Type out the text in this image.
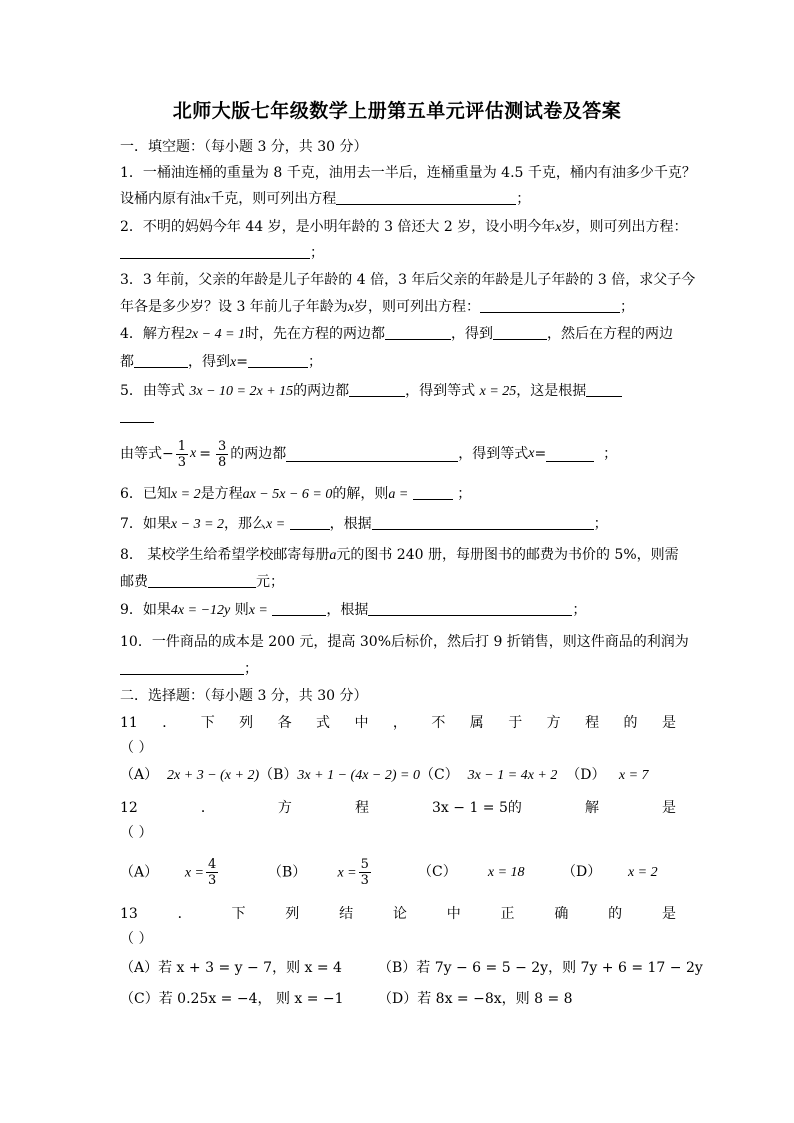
北师大版七年级数学上册第五单元评估测试卷及答案
一．填空题：（每小题 3 分，共 30 分）
1．一桶油连桶的重量为 8 千克，油用去一半后，连桶重量为 4.5 千克，桶内有油多少千克？
设桶内原有油x千克，则可列出方程	；
2．不明的妈妈今年 44 岁，是小明年龄的 3 倍还大 2 岁，设小明今年x岁，则可列出方程：
；
3．3 年前，父亲的年龄是儿子年龄的 4 倍，3 年后父亲的年龄是儿子年龄的 3 倍，求父子今
年各是多少岁？设 3 年前儿子年龄为x岁，则可列出方程：	；
4．解方程2x − 4 = 1时，先在方程的两边都	，得到	，然后在方程的两边
都	，得到x=	；
5．由等式 3x − 10 = 2x + 15的两边都	，得到等式 x = 25，这是根据
由等式 − $\frac{1}{3}$ $x = \frac{3}{8}$ 的两边都	，得到等式 x =
	；
6．已知x = 2是方程ax − 5x − 6 = 0的解，则a =	；
7．如果x − 3 = 2，那么x =	，根据	；
8． 某校学生给希望学校邮寄每册a元的图书 240 册，每册图书的邮费为书价的 5%，则需
邮费	元；
9．如果4x = −12y 则x =	，根据	；
10．一件商品的成本是 200 元，提高 30%后标价，然后打 9 折销售，则这件商品的利润为
；
二．选择题：（每小题 3 分，共 30 分）
11 ． 下 列 各 式 中 ， 不 属 于 方 程 的 是
（ ）
（A） 2x + 3 − (x + 2)（B）3x + 1 − (4x − 2) = 0（C） 3x − 1 = 4x + 2 （D） x = 7
12	．	方	程	3x − 1 = 5的	解	是
（ ）
（A） $x = \frac{4}{3}$	（B） $x = \frac{5}{3}$	（C） x = 18	（D） x = 2
13	．	下	列	结	论	中	正	确	的	是
（ ）
（A）若 x + 3 = y − 7，则 x = 4	（B）若 7y − 6 = 5 − 2y，则 7y + 6 = 17 − 2y
（C）若 0.25x = −4， 则 x = −1 （D）若 8x = −8x，则 8 = 8
